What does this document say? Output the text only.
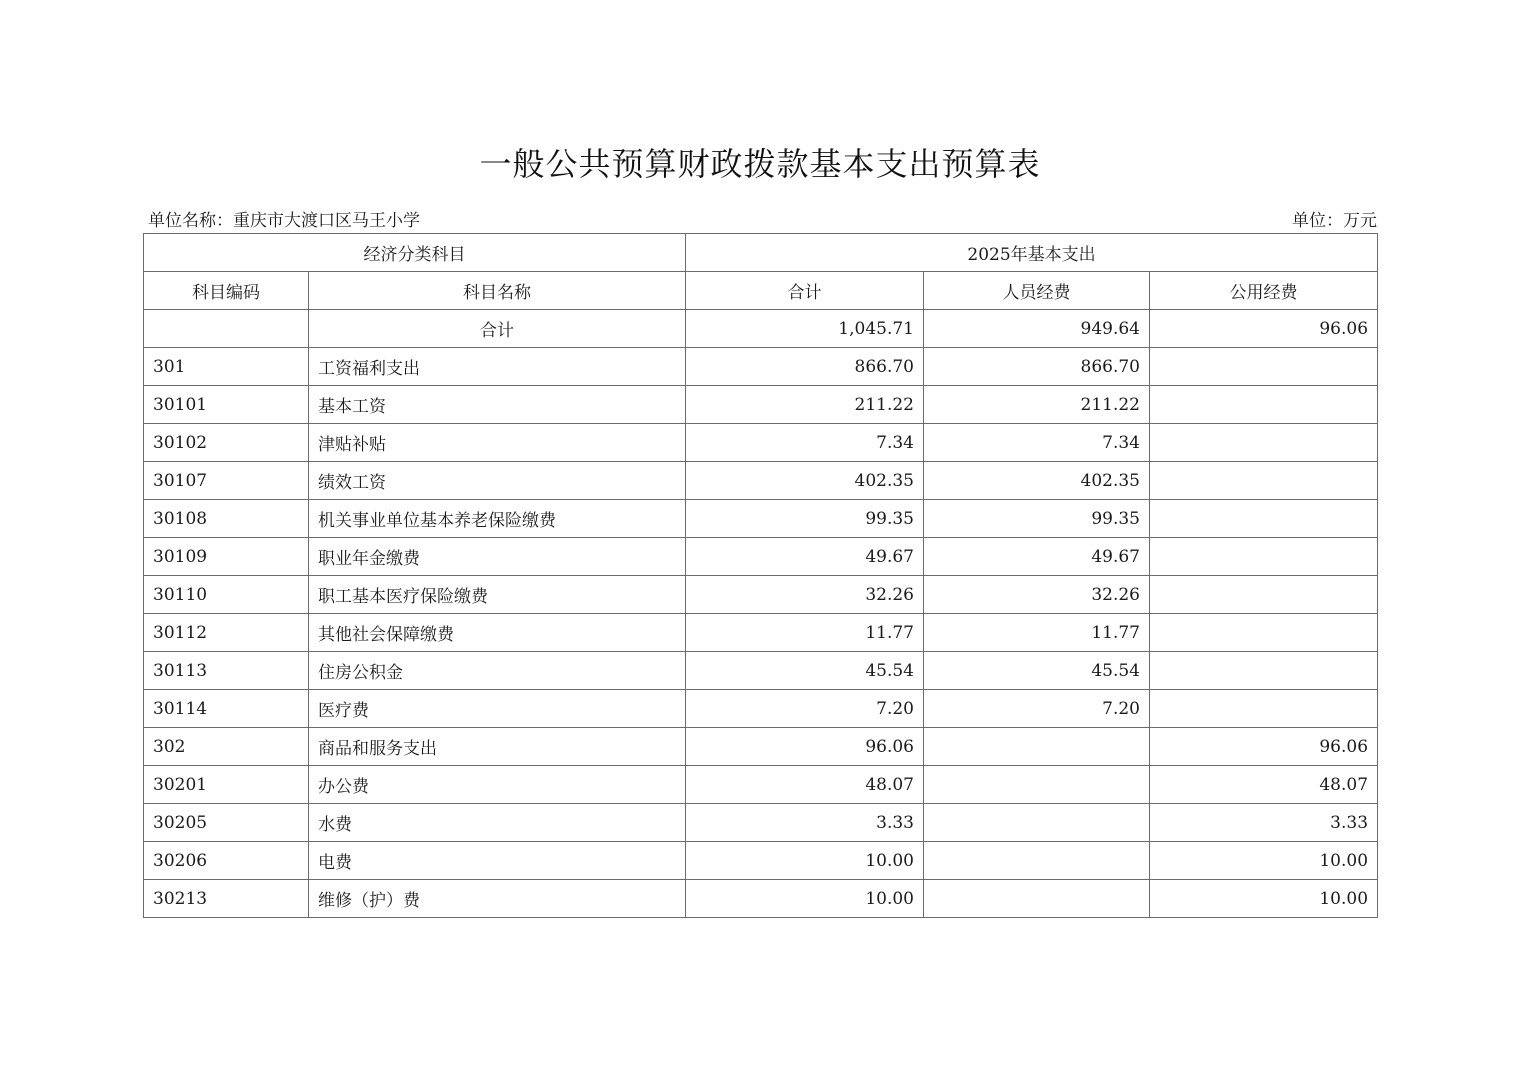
一般公共预算财政拨款基本支出预算表
单位名称：重庆市大渡口区马王小学	单位：万元
经济分类科目		2025年基本支出		
科目编码	科目名称	合计	人员经费	公用经费
	合计	1,045.71	949.64	96.06
301	工资福利支出	866.70	866.70	
30101	基本工资	211.22	211.22	
30102	津贴补贴	7.34	7.34	
30107	绩效工资	402.35	402.35	
30108	机关事业单位基本养老保险缴费	99.35	99.35	
30109	职业年金缴费	49.67	49.67	
30110	职工基本医疗保险缴费	32.26	32.26	
30112	其他社会保障缴费	11.77	11.77	
30113	住房公积金	45.54	45.54	
30114	医疗费	7.20	7.20	
302	商品和服务支出	96.06		96.06
30201	办公费	48.07		48.07
30205	水费	3.33		3.33
30206	电费	10.00		10.00
30213	维修（护）费	10.00		10.00
